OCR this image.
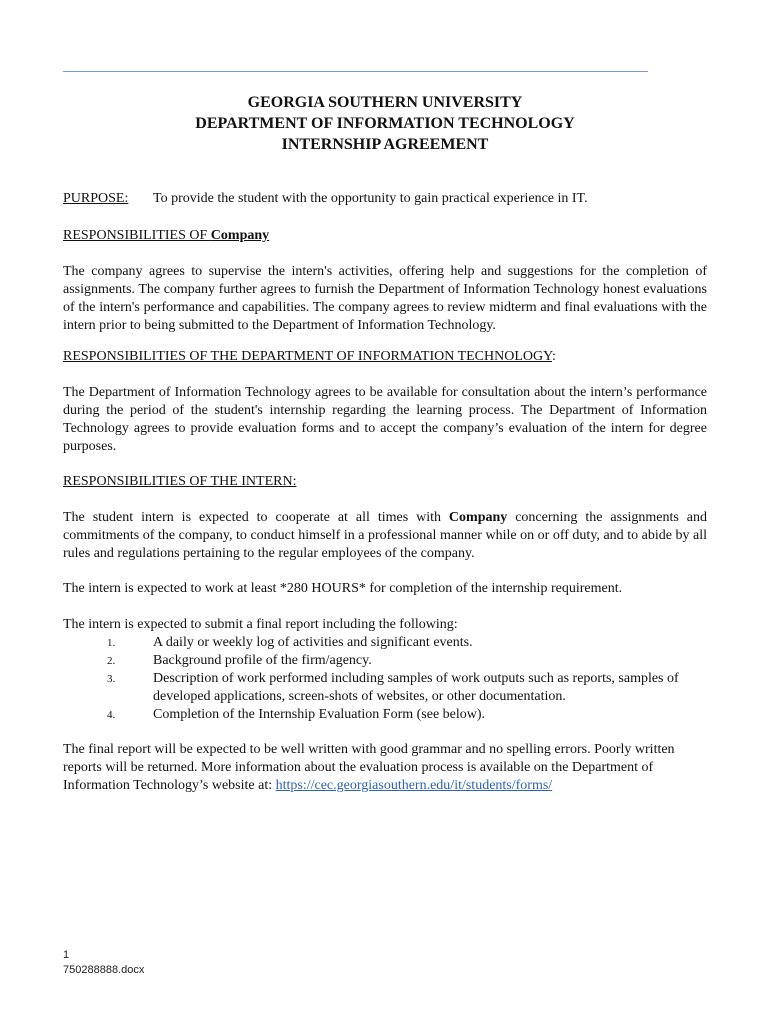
GEORGIA SOUTHERN UNIVERSITY
DEPARTMENT OF INFORMATION TECHNOLOGY
INTERNSHIP AGREEMENT
PURPOSE: To provide the student with the opportunity to gain practical experience in IT.
RESPONSIBILITIES OF Company
The company agrees to supervise the intern's activities, offering help and suggestions for the completion of assignments. The company further agrees to furnish the Department of Information Technology honest evaluations of the intern's performance and capabilities. The company agrees to review midterm and final evaluations with the intern prior to being submitted to the Department of Information Technology.
RESPONSIBILITIES OF THE DEPARTMENT OF INFORMATION TECHNOLOGY:
The Department of Information Technology agrees to be available for consultation about the intern’s performance during the period of the student's internship regarding the learning process. The Department of Information Technology agrees to provide evaluation forms and to accept the company’s evaluation of the intern for degree purposes.
RESPONSIBILITIES OF THE INTERN:
The student intern is expected to cooperate at all times with Company concerning the assignments and commitments of the company, to conduct himself in a professional manner while on or off duty, and to abide by all rules and regulations pertaining to the regular employees of the company.
The intern is expected to work at least *280 HOURS* for completion of the internship requirement.
The intern is expected to submit a final report including the following:
1.	A daily or weekly log of activities and significant events.
2.	Background profile of the firm/agency.
3.	Description of work performed including samples of work outputs such as reports, samples of developed applications, screen-shots of websites, or other documentation.
4.	Completion of the Internship Evaluation Form (see below).
The final report will be expected to be well written with good grammar and no spelling errors. Poorly written reports will be returned. More information about the evaluation process is available on the Department of Information Technology’s website at: https://cec.georgiasouthern.edu/it/students/forms/
1
750288888.docx
